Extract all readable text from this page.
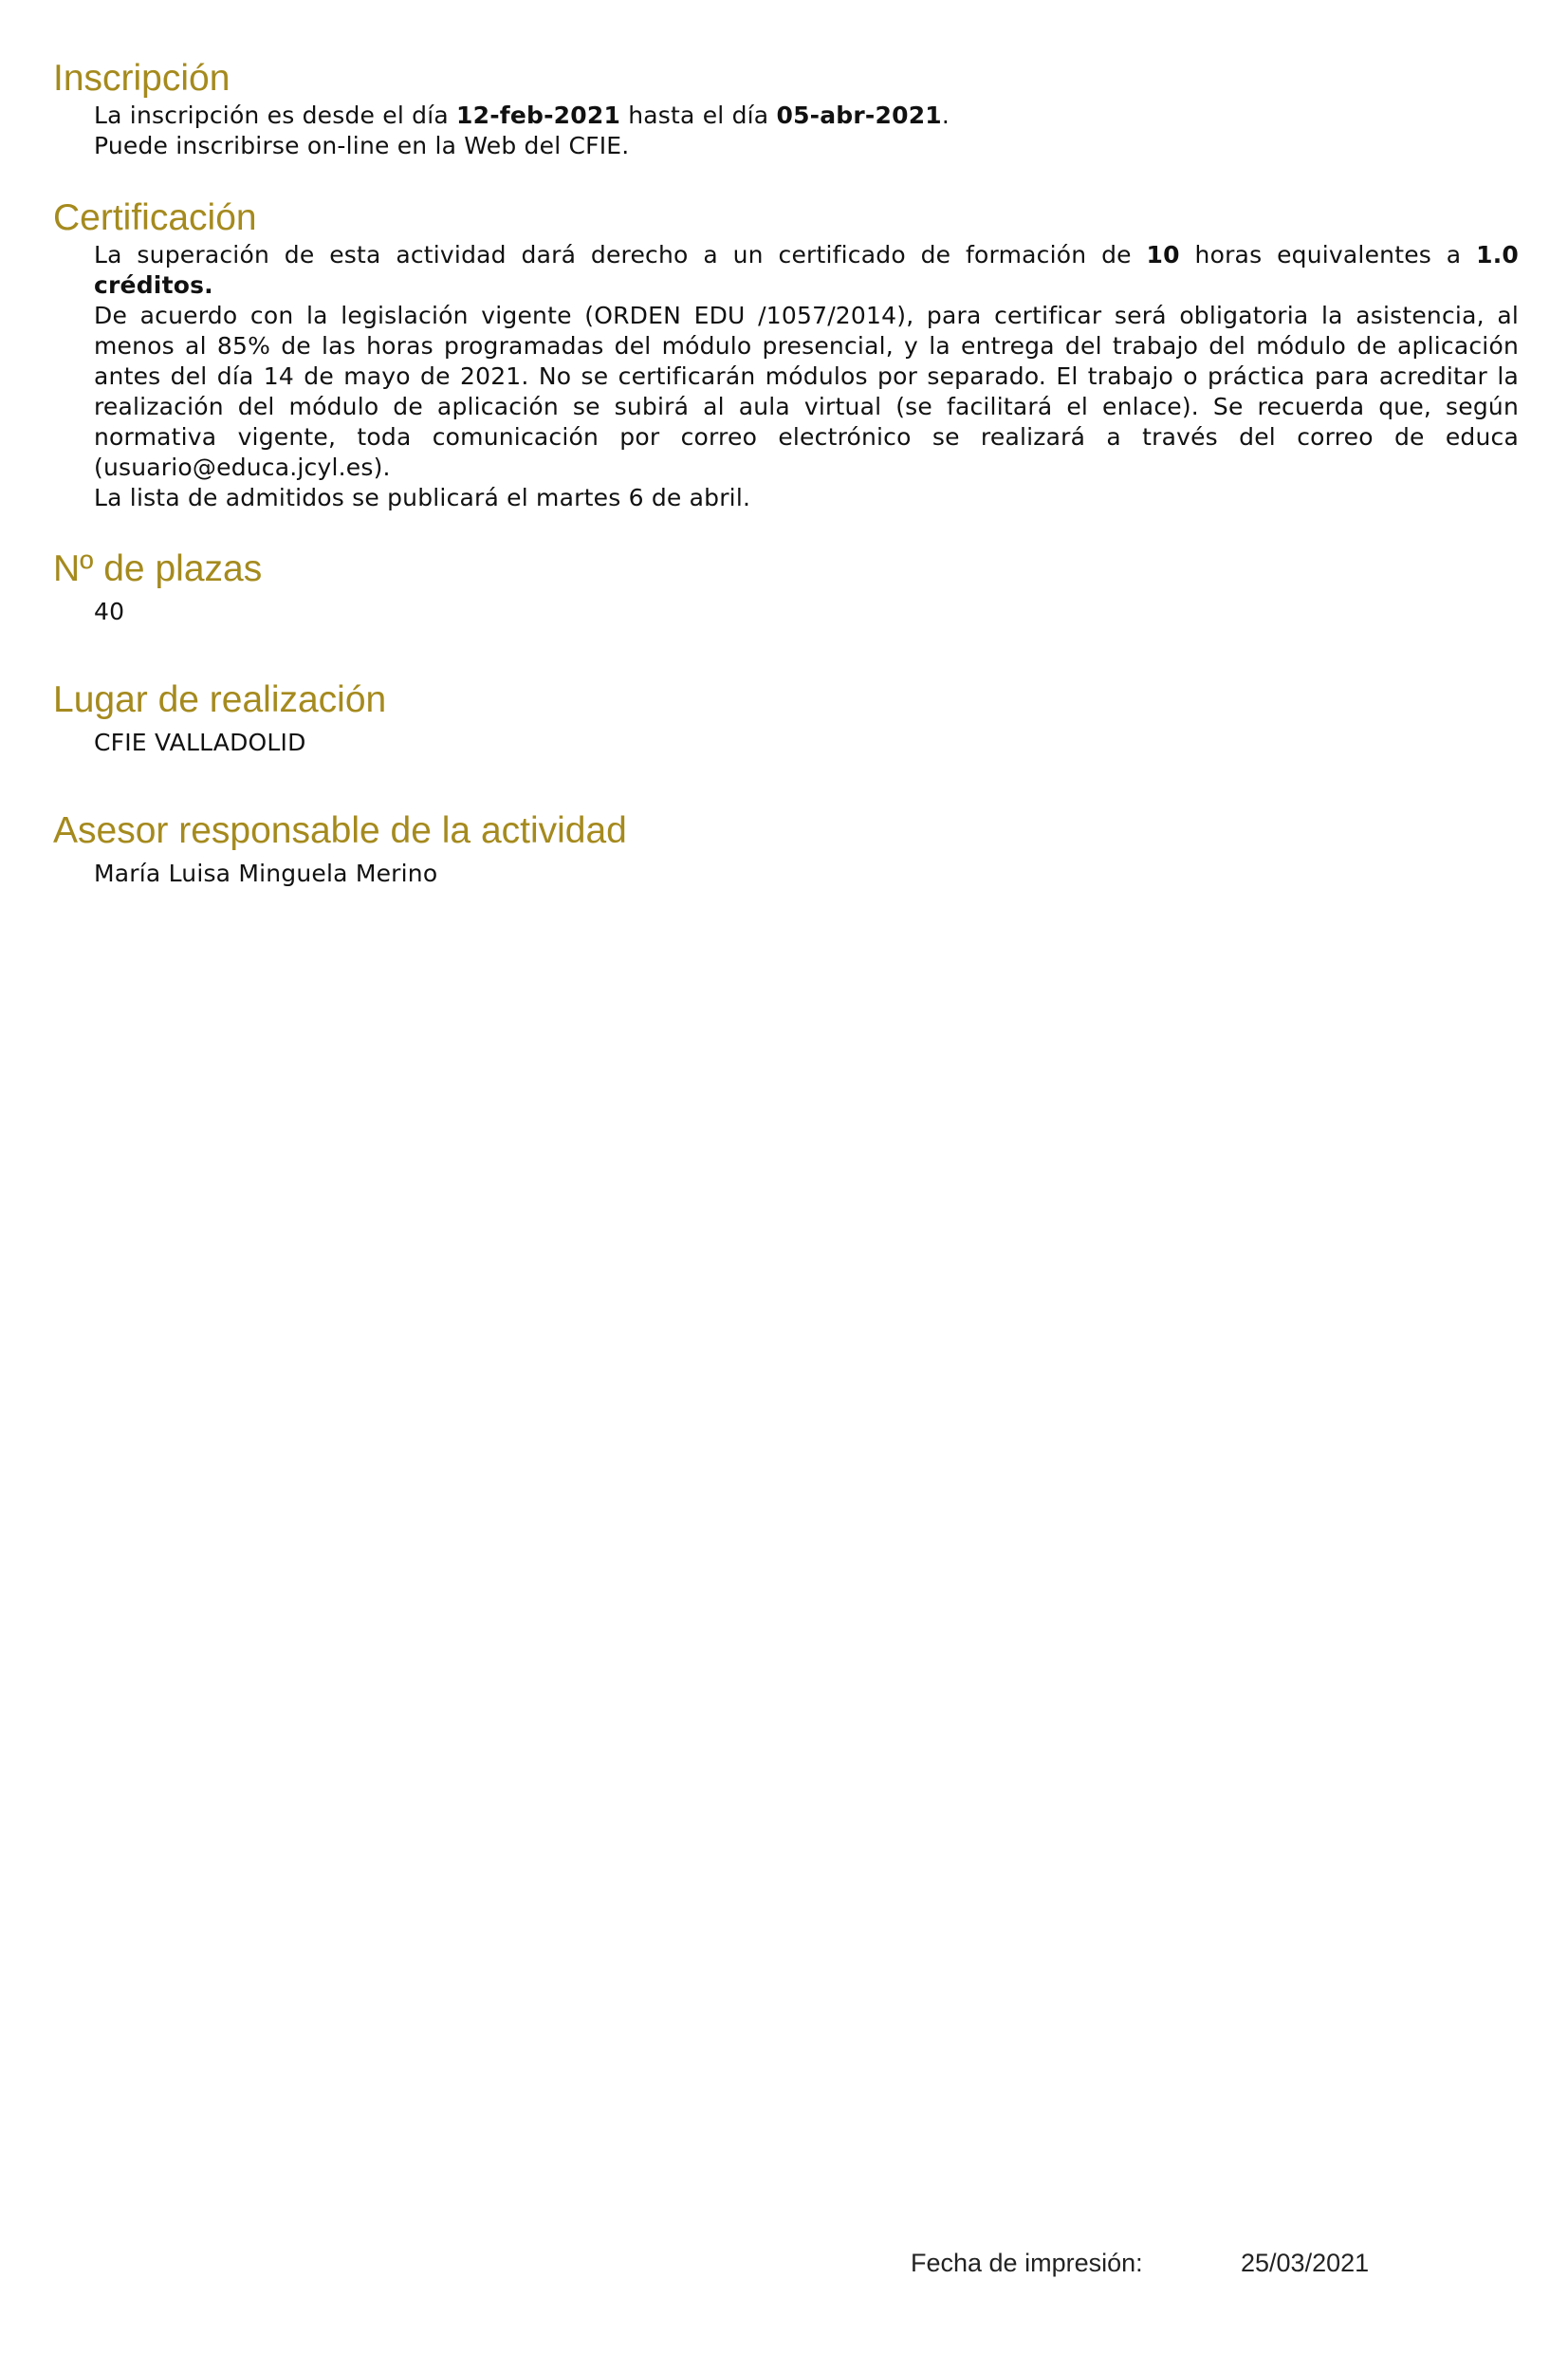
Inscripción

La inscripción es desde el día 12-feb-2021 hasta el día 05-abr-2021.

Puede inscribirse on-line en la Web del CFIE.

Certificación

La superación de esta actividad dará derecho a un certificado de formación de 10 horas equivalentes a 1.0 créditos.

De acuerdo con la legislación vigente (ORDEN EDU /1057/2014), para certificar será obligatoria la asistencia, al menos al 85% de las horas programadas del módulo presencial, y la entrega del trabajo del módulo de aplicación antes del día 14 de mayo de 2021. No se certificarán módulos por separado. El trabajo o práctica para acreditar la realización del módulo de aplicación se subirá al aula virtual (se facilitará el enlace). Se recuerda que, según normativa vigente, toda comunicación por correo electrónico se realizará a través del correo de educa (usuario@educa.jcyl.es).

La lista de admitidos se publicará el martes 6 de abril.

Nº de plazas

40

Lugar de realización

CFIE VALLADOLID

Asesor responsable de la actividad

María Luisa Minguela Merino

Fecha de impresión:	25/03/2021
